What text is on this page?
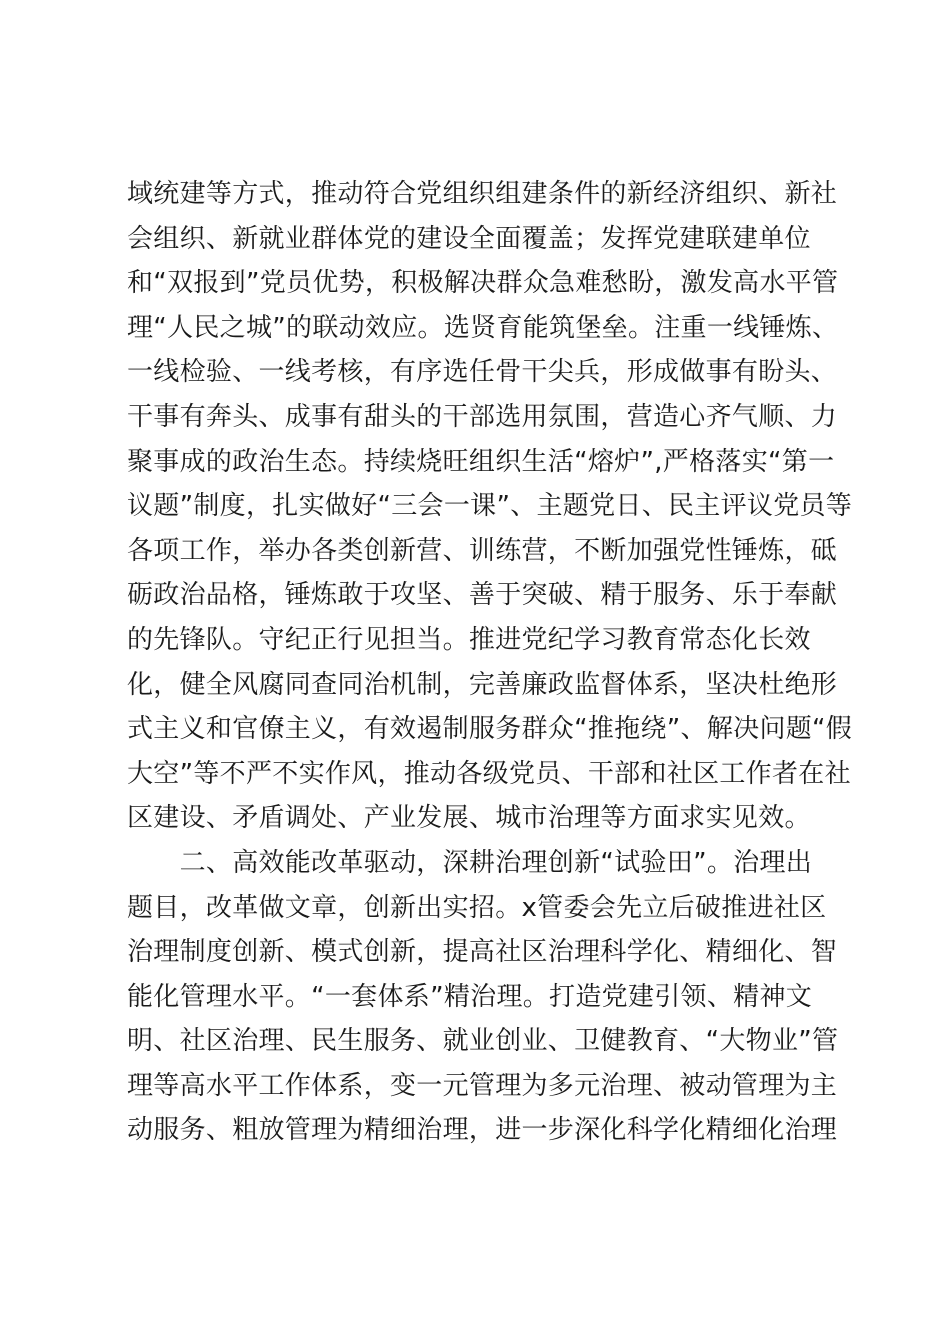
域统建等方式，推动符合党组织组建条件的新经济组织、新社
会组织、新就业群体党的建设全面覆盖；发挥党建联建单位
和“双报到”党员优势，积极解决群众急难愁盼，激发高水平管
理“人民之城”的联动效应。选贤育能筑堡垒。注重一线锤炼、
一线检验、一线考核，有序选任骨干尖兵，形成做事有盼头、
干事有奔头、成事有甜头的干部选用氛围，营造心齐气顺、力
聚事成的政治生态。持续烧旺组织生活“熔炉”,严格落实“第一
议题”制度，扎实做好“三会一课”、主题党日、民主评议党员等
各项工作，举办各类创新营、训练营，不断加强党性锤炼，砥
砺政治品格，锤炼敢于攻坚、善于突破、精于服务、乐于奉献
的先锋队。守纪正行见担当。推进党纪学习教育常态化长效
化，健全风腐同查同治机制，完善廉政监督体系，坚决杜绝形
式主义和官僚主义，有效遏制服务群众“推拖绕”、解决问题“假
大空”等不严不实作风，推动各级党员、干部和社区工作者在社
区建设、矛盾调处、产业发展、城市治理等方面求实见效。
　　二、高效能改革驱动，深耕治理创新“试验田”。治理出
题目，改革做文章，创新出实招。x管委会先立后破推进社区
治理制度创新、模式创新，提高社区治理科学化、精细化、智
能化管理水平。“一套体系”精治理。打造党建引领、精神文
明、社区治理、民生服务、就业创业、卫健教育、“大物业”管
理等高水平工作体系，变一元管理为多元治理、被动管理为主
动服务、粗放管理为精细治理，进一步深化科学化精细化治理
